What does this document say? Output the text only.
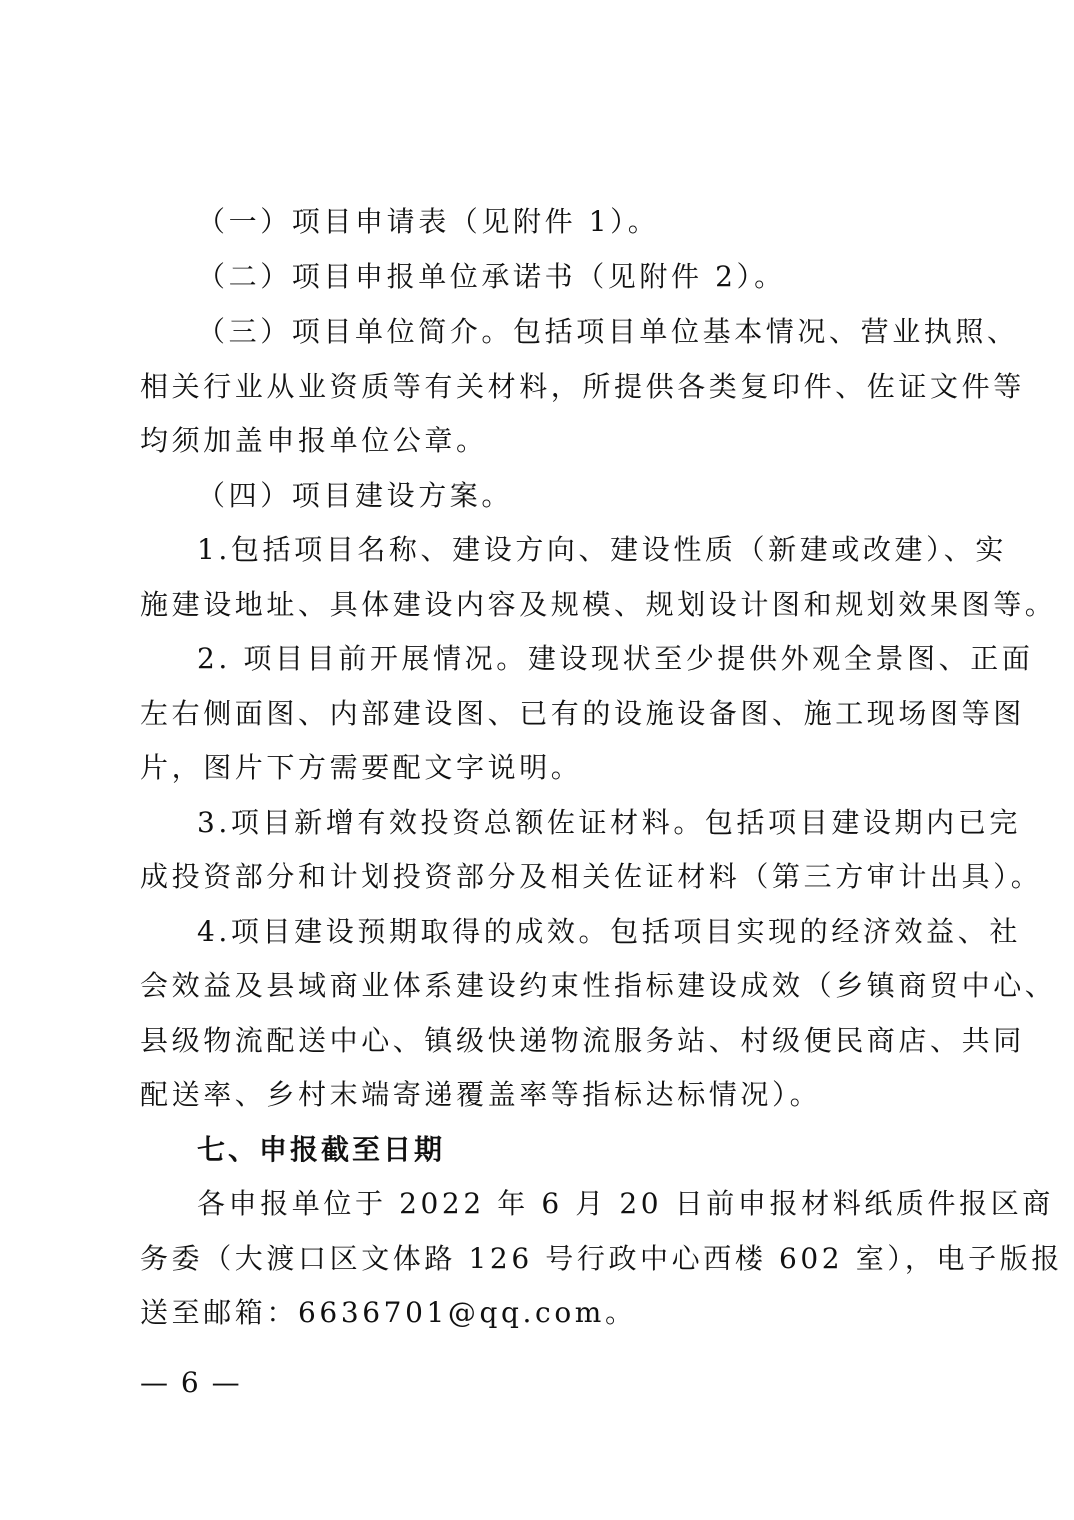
（一）项目申请表（见附件 1）。
（二）项目申报单位承诺书（见附件 2）。
（三）项目单位简介。包括项目单位基本情况、营业执照、
相关行业从业资质等有关材料，所提供各类复印件、佐证文件等
均须加盖申报单位公章。
（四）项目建设方案。
1.包括项目名称、建设方向、建设性质（新建或改建）、实
施建设地址、具体建设内容及规模、规划设计图和规划效果图等。
2. 项目目前开展情况。建设现状至少提供外观全景图、正面
左右侧面图、内部建设图、已有的设施设备图、施工现场图等图
片，图片下方需要配文字说明。
3.项目新增有效投资总额佐证材料。包括项目建设期内已完
成投资部分和计划投资部分及相关佐证材料（第三方审计出具）。
4.项目建设预期取得的成效。包括项目实现的经济效益、社
会效益及县域商业体系建设约束性指标建设成效（乡镇商贸中心、
县级物流配送中心、镇级快递物流服务站、村级便民商店、共同
配送率、乡村末端寄递覆盖率等指标达标情况）。
七、申报截至日期
各申报单位于 2022 年 6 月 20 日前申报材料纸质件报区商
务委（大渡口区文体路 126 号行政中心西楼 602 室），电子版报
送至邮箱：6636701@qq.com。
— 6 —
